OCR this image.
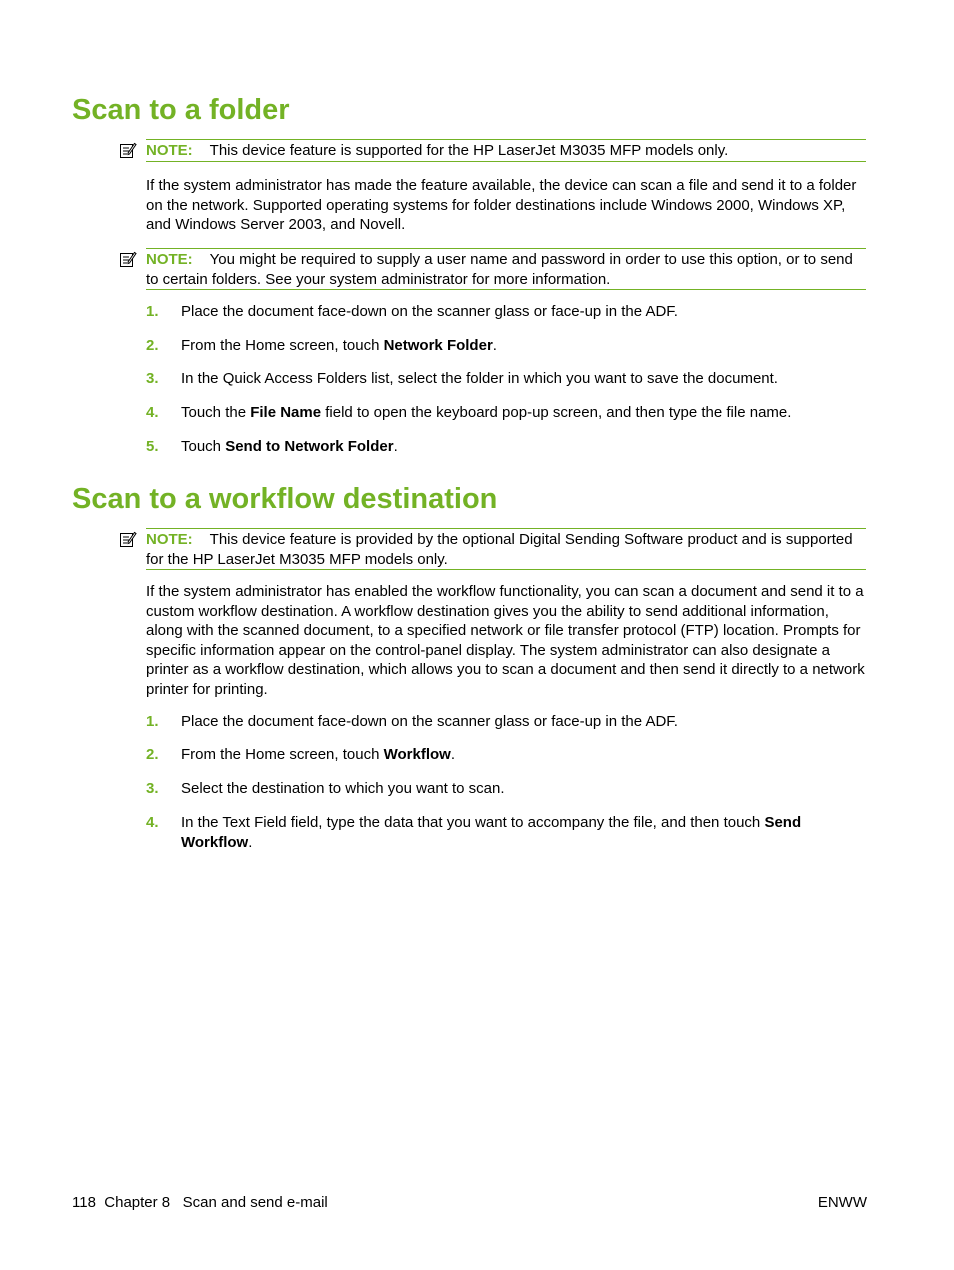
Scan to a folder
NOTE: This device feature is supported for the HP LaserJet M3035 MFP models only.

If the system administrator has made the feature available, the device can scan a file and send it to a folder on the network. Supported operating systems for folder destinations include Windows 2000, Windows XP, and Windows Server 2003, and Novell.

NOTE: You might be required to supply a user name and password in order to use this option, or to send to certain folders. See your system administrator for more information.
1. Place the document face-down on the scanner glass or face-up in the ADF.
2. From the Home screen, touch Network Folder.
3. In the Quick Access Folders list, select the folder in which you want to save the document.
4. Touch the File Name field to open the keyboard pop-up screen, and then type the file name.
5. Touch Send to Network Folder.
Scan to a workflow destination
NOTE: This device feature is provided by the optional Digital Sending Software product and is supported for the HP LaserJet M3035 MFP models only.

If the system administrator has enabled the workflow functionality, you can scan a document and send it to a custom workflow destination. A workflow destination gives you the ability to send additional information, along with the scanned document, to a specified network or file transfer protocol (FTP) location. Prompts for specific information appear on the control-panel display. The system administrator can also designate a printer as a workflow destination, which allows you to scan a document and then send it directly to a network printer for printing.

1. Place the document face-down on the scanner glass or face-up in the ADF.
2. From the Home screen, touch Workflow.
3. Select the destination to which you want to scan.
4. In the Text Field field, type the data that you want to accompany the file, and then touch Send Workflow.
118 Chapter 8 Scan and send e-mail	ENWW
